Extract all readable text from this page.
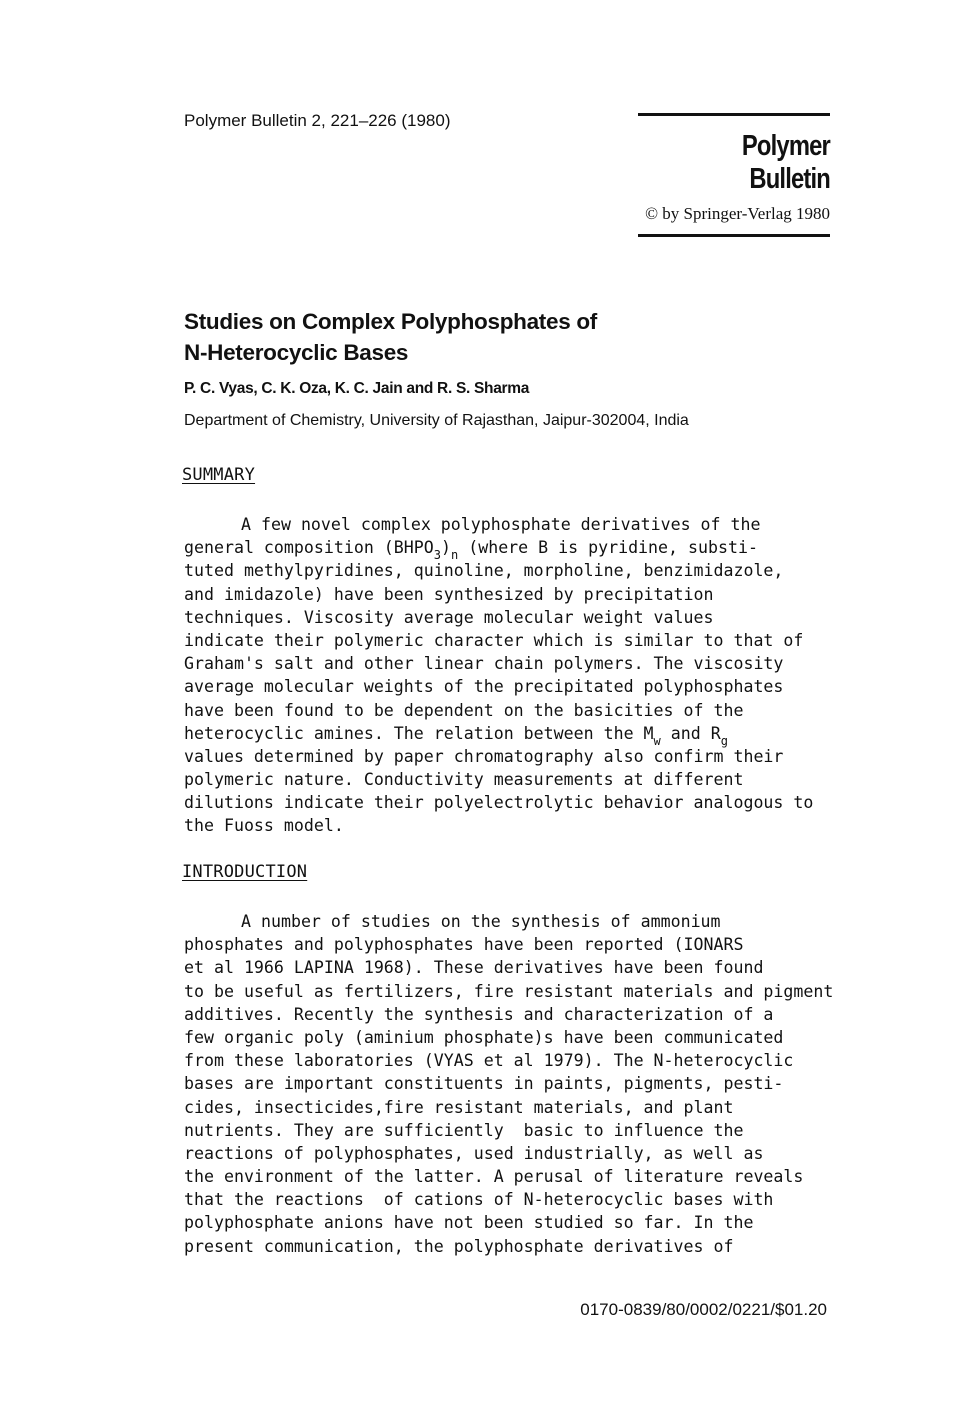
Polymer Bulletin 2, 221–226 (1980)
Polymer Bulletin
© by Springer-Verlag 1980
Studies on Complex Polyphosphates of
N-Heterocyclic Bases
P. C. Vyas, C. K. Oza, K. C. Jain and R. S. Sharma
Department of Chemistry, University of Rajasthan, Jaipur-302004, India
SUMMARY
A few novel complex polyphosphate derivatives of the
general composition $(BHPO_3)_n$ (where B is pyridine, substi-
tuted methylpyridines, quinoline, morpholine, benzimidazole,
and imidazole) have been synthesized by precipitation
techniques. Viscosity average molecular weight values
indicate their polymeric character which is similar to that of
Graham's salt and other linear chain polymers. The viscosity
average molecular weights of the precipitated polyphosphates
have been found to be dependent on the basicities of the
heterocyclic amines. The relation between the $M_w$ and $R_g$
values determined by paper chromatography also confirm their
polymeric nature. Conductivity measurements at different
dilutions indicate their polyelectrolytic behavior analogous to
the Fuoss model.
INTRODUCTION
A number of studies on the synthesis of ammonium
phosphates and polyphosphates have been reported (IONARS
et al 1966 LAPINA 1968). These derivatives have been found
to be useful as fertilizers, fire resistant materials and pigment
additives. Recently the synthesis and characterization of a
few organic poly (aminium phosphate)s have been communicated
from these laboratories (VYAS et al 1979). The N-heterocyclic
bases are important constituents in paints, pigments, pesti-
cides, insecticides,fire resistant materials, and plant
nutrients. They are sufficiently  basic to influence the
reactions of polyphosphates, used industrially, as well as
the environment of the latter. A perusal of literature reveals
that the reactions  of cations of N-heterocyclic bases with
polyphosphate anions have not been studied so far. In the
present communication, the polyphosphate derivatives of
0170-0839/80/0002/0221/$01.20
